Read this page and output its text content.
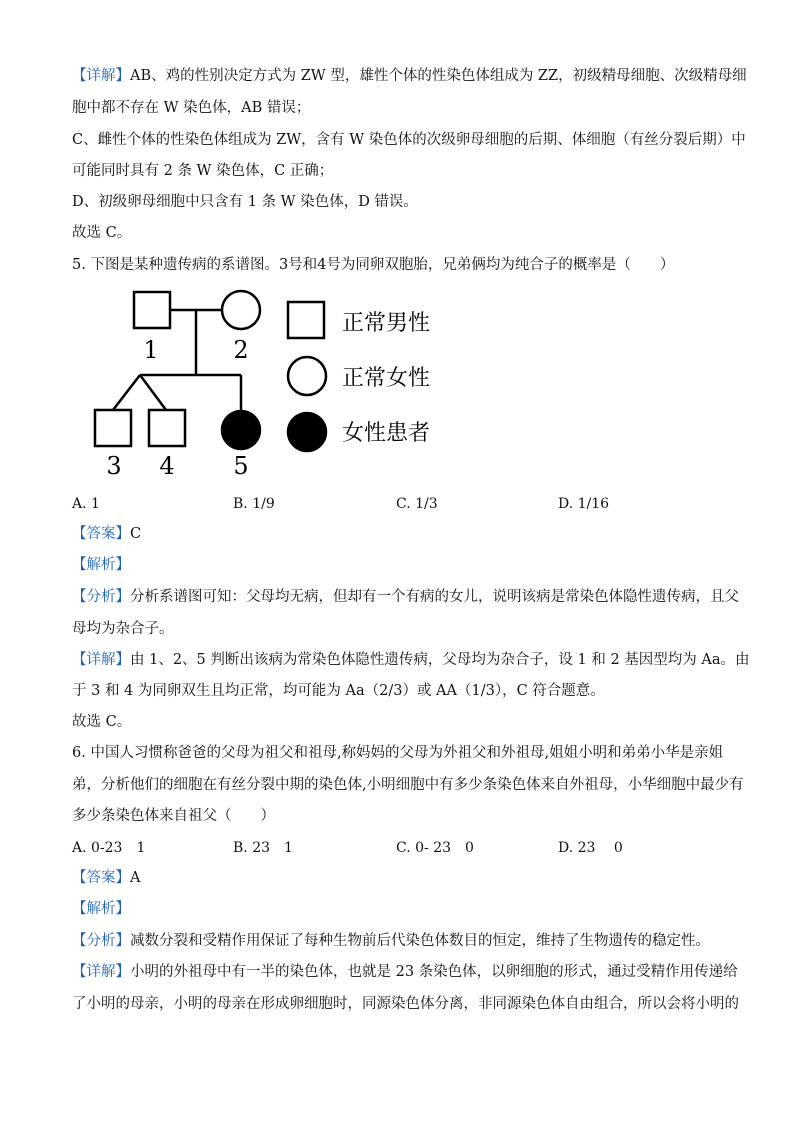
【详解】AB、鸡的性别决定方式为 ZW 型，雄性个体的性染色体组成为 ZZ，初级精母细胞、次级精母细
胞中都不存在 W 染色体，AB 错误；
C、雌性个体的性染色体组成为 ZW，含有 W 染色体的次级卵母细胞的后期、体细胞（有丝分裂后期）中
可能同时具有 2 条 W 染色体，C 正确；
D、初级卵母细胞中只含有 1 条 W 染色体，D 错误。
故选 C。
5. 下图是某种遗传病的系谱图。3号和4号为同卵双胞胎，兄弟俩均为纯合子的概率是（　　）
1	2
3 4 5
正常男性
正常女性
女性患者
A. 1	B. 1/9	C. 1/3	D. 1/16
【答案】C
【解析】
【分析】分析系谱图可知：父母均无病，但却有一个有病的女儿，说明该病是常染色体隐性遗传病，且父
母均为杂合子。
【详解】由 1、2、5 判断出该病为常染色体隐性遗传病，父母均为杂合子，设 1 和 2 基因型均为 Aa。由
于 3 和 4 为同卵双生且均正常，均可能为 Aa（2/3）或 AA（1/3），C 符合题意。
故选 C。
6. 中国人习惯称爸爸的父母为祖父和祖母,称妈妈的父母为外祖父和外祖母,姐姐小明和弟弟小华是亲姐
弟，分析他们的细胞在有丝分裂中期的染色体,小明细胞中有多少条染色体来自外祖母，小华细胞中最少有
多少条染色体来自祖父（　　）
A. 0-23　1	B. 23　1	C. 0- 23　0	D. 23　 0
【答案】A
【解析】
【分析】减数分裂和受精作用保证了每种生物前后代染色体数目的恒定，维持了生物遗传的稳定性。
【详解】小明的外祖母中有一半的染色体，也就是 23 条染色体，以卵细胞的形式，通过受精作用传递给
了小明的母亲，小明的母亲在形成卵细胞时，同源染色体分离，非同源染色体自由组合，所以会将小明的
